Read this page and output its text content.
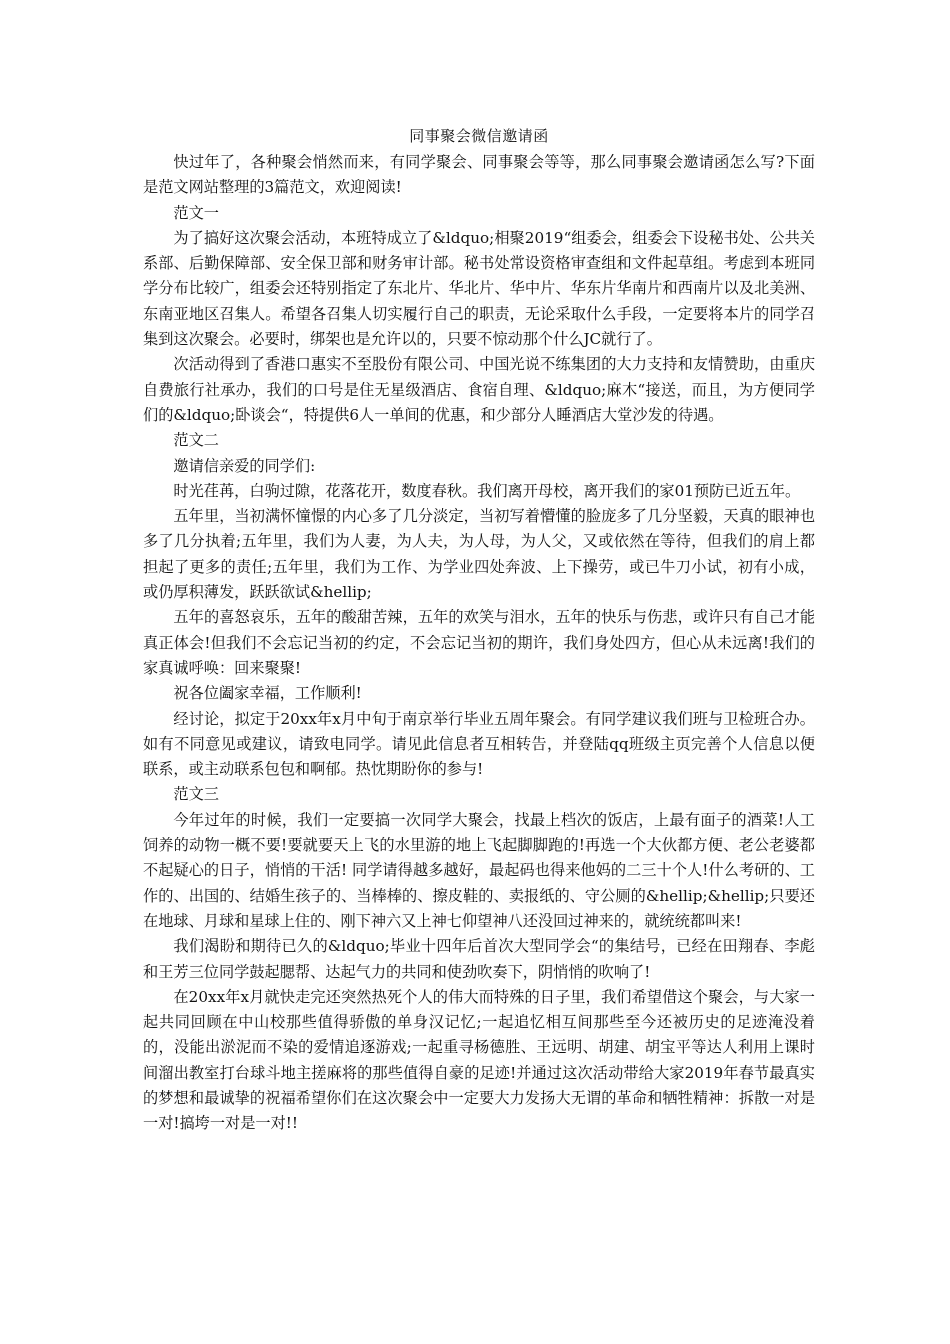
同事聚会微信邀请函

快过年了，各种聚会悄然而来，有同学聚会、同事聚会等等，那么同事聚会邀请函怎么写?下面是范文网站整理的3篇范文，欢迎阅读!

范文一

为了搞好这次聚会活动，本班特成立了&ldquo;相聚2019“组委会，组委会下设秘书处、公共关系部、后勤保障部、安全保卫部和财务审计部。秘书处常设资格审查组和文件起草组。考虑到本班同学分布比较广，组委会还特别指定了东北片、华北片、华中片、华东片华南片和西南片以及北美洲、东南亚地区召集人。希望各召集人切实履行自己的职责，无论采取什么手段，一定要将本片的同学召集到这次聚会。必要时，绑架也是允许以的，只要不惊动那个什么JC就行了。

次活动得到了香港口惠实不至股份有限公司、中国光说不练集团的大力支持和友情赞助，由重庆自费旅行社承办，我们的口号是住无星级酒店、食宿自理、&ldquo;麻木“接送，而且，为方便同学们的&ldquo;卧谈会“，特提供6人一单间的优惠，和少部分人睡酒店大堂沙发的待遇。

范文二

邀请信亲爱的同学们:

时光荏苒，白驹过隙，花落花开，数度春秋。我们离开母校，离开我们的家01预防已近五年。

五年里，当初满怀憧憬的内心多了几分淡定，当初写着懵懂的脸庞多了几分坚毅，天真的眼神也多了几分执着;五年里，我们为人妻，为人夫，为人母，为人父，又或依然在等待，但我们的肩上都担起了更多的责任;五年里，我们为工作、为学业四处奔波、上下操劳，或已牛刀小试，初有小成，或仍厚积薄发，跃跃欲试&hellip;

五年的喜怒哀乐，五年的酸甜苦辣，五年的欢笑与泪水，五年的快乐与伤悲，或许只有自己才能真正体会!但我们不会忘记当初的约定，不会忘记当初的期许，我们身处四方，但心从未远离!我们的家真诚呼唤：回来聚聚!

祝各位阖家幸福，工作顺利!

经讨论，拟定于20xx年x月中旬于南京举行毕业五周年聚会。有同学建议我们班与卫检班合办。如有不同意见或建议，请致电同学。请见此信息者互相转告，并登陆qq班级主页完善个人信息以便联系，或主动联系包包和啊郁。热忱期盼你的参与!

范文三

今年过年的时候，我们一定要搞一次同学大聚会，找最上档次的饭店，上最有面子的酒菜!人工饲养的动物一概不要!要就要天上飞的水里游的地上飞起脚脚跑的!再选一个大伙都方便、老公老婆都不起疑心的日子，悄悄的干活! 同学请得越多越好，最起码也得来他妈的二三十个人!什么考研的、工作的、出国的、结婚生孩子的、当棒棒的、擦皮鞋的、卖报纸的、守公厕的&hellip;&hellip;只要还在地球、月球和星球上住的、刚下神六又上神七仰望神八还没回过神来的，就统统都叫来!

我们渴盼和期待已久的&ldquo;毕业十四年后首次大型同学会“的集结号，已经在田翔春、李彪和王芳三位同学鼓起腮帮、达起气力的共同和使劲吹奏下，阴悄悄的吹响了!

在20xx年x月就快走完还突然热死个人的伟大而特殊的日子里，我们希望借这个聚会，与大家一起共同回顾在中山校那些值得骄傲的单身汉记忆;一起追忆相互间那些至今还被历史的足迹淹没着的，没能出淤泥而不染的爱情追逐游戏;一起重寻杨德胜、王远明、胡建、胡宝平等达人利用上课时间溜出教室打台球斗地主搓麻将的那些值得自豪的足迹!并通过这次活动带给大家2019年春节最真实的梦想和最诚挚的祝福希望你们在这次聚会中一定要大力发扬大无谓的革命和牺牲精神：拆散一对是一对!搞垮一对是一对!!
